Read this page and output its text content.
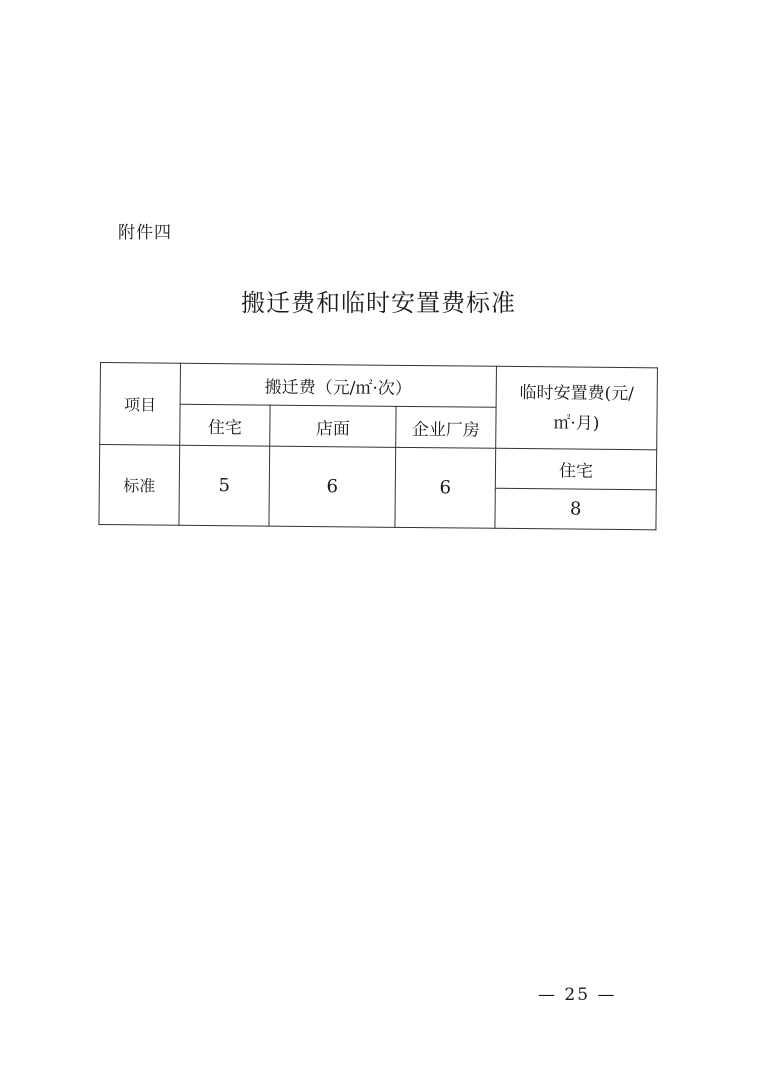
附件四
搬迁费和临时安置费标准
项目	搬迁费（元/㎡·次）			临时安置费(元/
㎡·月)

	住宅	店面	企业厂房	
标准	5	6	6	住宅
				8
— 25 —
